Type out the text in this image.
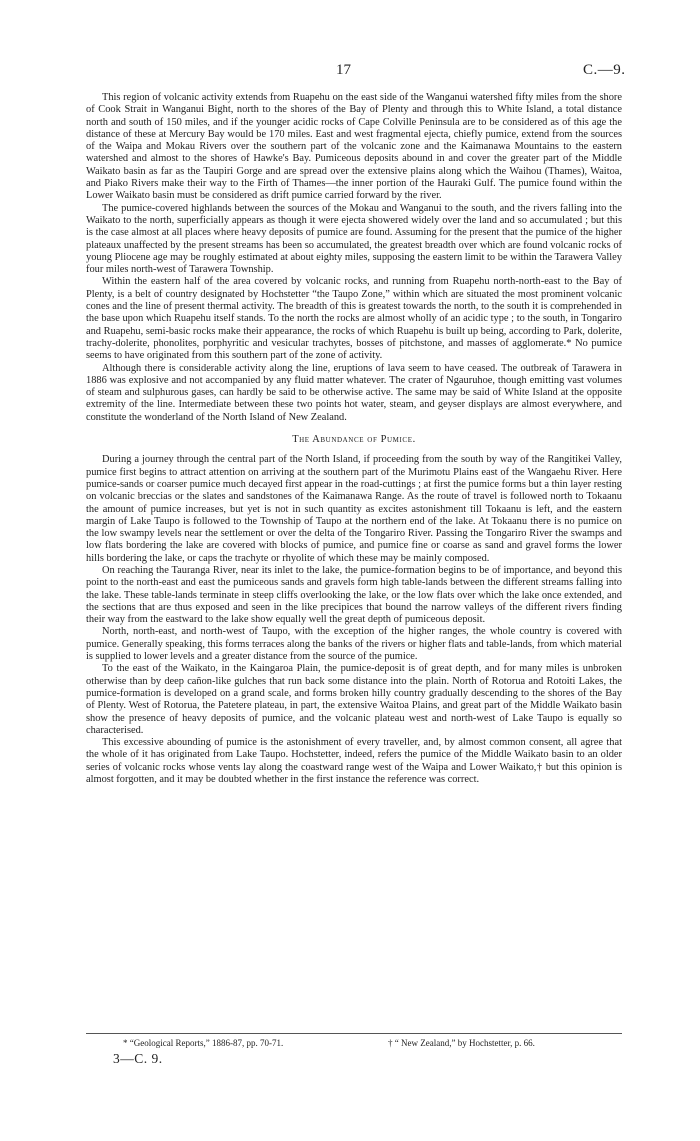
17	C.—9.

This region of volcanic activity extends from Ruapehu on the east side of the Wanganui watershed fifty miles from the shore of Cook Strait in Wanganui Bight, north to the shores of the Bay of Plenty and through this to White Island, a total distance north and south of 150 miles, and if the younger acidic rocks of Cape Colville Peninsula are to be considered as of this age the distance of these at Mercury Bay would be 170 miles. East and west fragmental ejecta, chiefly pumice, extend from the sources of the Waipa and Mokau Rivers over the southern part of the volcanic zone and the Kaimanawa Mountains to the eastern watershed and almost to the shores of Hawke's Bay. Pumiceous deposits abound in and cover the greater part of the Middle Waikato basin as far as the Taupiri Gorge and are spread over the extensive plains along which the Waihou (Thames), Waitoa, and Piako Rivers make their way to the Firth of Thames—the inner portion of the Hauraki Gulf. The pumice found within the Lower Waikato basin must be considered as drift pumice carried forward by the river.

The pumice-covered highlands between the sources of the Mokau and Wanganui to the south, and the rivers falling into the Waikato to the north, superficially appears as though it were ejecta showered widely over the land and so accumulated ; but this is the case almost at all places where heavy deposits of pumice are found. Assuming for the present that the pumice of the higher plateaux unaffected by the present streams has been so accumulated, the greatest breadth over which are found volcanic rocks of young Pliocene age may be roughly estimated at about eighty miles, supposing the eastern limit to be within the Tarawera Valley four miles north-west of Tarawera Township.

Within the eastern half of the area covered by volcanic rocks, and running from Ruapehu north-north-east to the Bay of Plenty, is a belt of country designated by Hochstetter “the Taupo Zone,” within which are situated the most prominent volcanic cones and the line of present thermal activity. The breadth of this is greatest towards the north, to the south it is comprehended in the base upon which Ruapehu itself stands. To the north the rocks are almost wholly of an acidic type ; to the south, in Tongariro and Ruapehu, semi-basic rocks make their appearance, the rocks of which Ruapehu is built up being, according to Park, dolerite, trachy-dolerite, phonolites, porphyritic and vesicular trachytes, bosses of pitchstone, and masses of agglomerate.* No pumice seems to have originated from this southern part of the zone of activity.

Although there is considerable activity along the line, eruptions of lava seem to have ceased. The outbreak of Tarawera in 1886 was explosive and not accompanied by any fluid matter whatever. The crater of Ngauruhoe, though emitting vast volumes of steam and sulphurous gases, can hardly be said to be otherwise active. The same may be said of White Island at the opposite extremity of the line. Intermediate between these two points hot water, steam, and geyser displays are almost everywhere, and constitute the wonderland of the North Island of New Zealand.

The Abundance of Pumice.

During a journey through the central part of the North Island, if proceeding from the south by way of the Rangitikei Valley, pumice first begins to attract attention on arriving at the southern part of the Murimotu Plains east of the Wangaehu River. Here pumice-sands or coarser pumice much decayed first appear in the road-cuttings ; at first the pumice forms but a thin layer resting on volcanic breccias or the slates and sandstones of the Kaimanawa Range. As the route of travel is followed north to Tokaanu the amount of pumice increases, but yet is not in such quantity as excites astonishment till Tokaanu is left, and the eastern margin of Lake Taupo is followed to the Township of Taupo at the northern end of the lake. At Tokaanu there is no pumice on the low swampy levels near the settlement or over the delta of the Tongariro River. Passing the Tongariro River the swamps and low flats bordering the lake are covered with blocks of pumice, and pumice fine or coarse as sand and gravel forms the lower hills bordering the lake, or caps the trachyte or rhyolite of which these may be mainly composed.

On reaching the Tauranga River, near its inlet to the lake, the pumice-formation begins to be of importance, and beyond this point to the north-east and east the pumiceous sands and gravels form high table-lands between the different streams falling into the lake. These table-lands terminate in steep cliffs overlooking the lake, or the low flats over which the lake once extended, and the sections that are thus exposed and seen in the like precipices that bound the narrow valleys of the different rivers finding their way from the eastward to the lake show equally well the great depth of pumiceous deposit.

North, north-east, and north-west of Taupo, with the exception of the higher ranges, the whole country is covered with pumice. Generally speaking, this forms terraces along the banks of the rivers or higher flats and table-lands, from which material is supplied to lower levels and a greater distance from the source of the pumice.

To the east of the Waikato, in the Kaingaroa Plain, the pumice-deposit is of great depth, and for many miles is unbroken otherwise than by deep cañon-like gulches that run back some distance into the plain. North of Rotorua and Rotoiti Lakes, the pumice-formation is developed on a grand scale, and forms broken hilly country gradually descending to the shores of the Bay of Plenty. West of Rotorua, the Patetere plateau, in part, the extensive Waitoa Plains, and great part of the Middle Waikato basin show the presence of heavy deposits of pumice, and the volcanic plateau west and north-west of Lake Taupo is equally so characterised.

This excessive abounding of pumice is the astonishment of every traveller, and, by almost common consent, all agree that the whole of it has originated from Lake Taupo. Hochstetter, indeed, refers the pumice of the Middle Waikato basin to an older series of volcanic rocks whose vents lay along the coastward range west of the Waipa and Lower Waikato,† but this opinion is almost forgotten, and it may be doubted whether in the first instance the reference was correct.

* “Geological Reports,” 1886-87, pp. 70-71.	† “ New Zealand,” by Hochstetter, p. 66.
3—C. 9.
